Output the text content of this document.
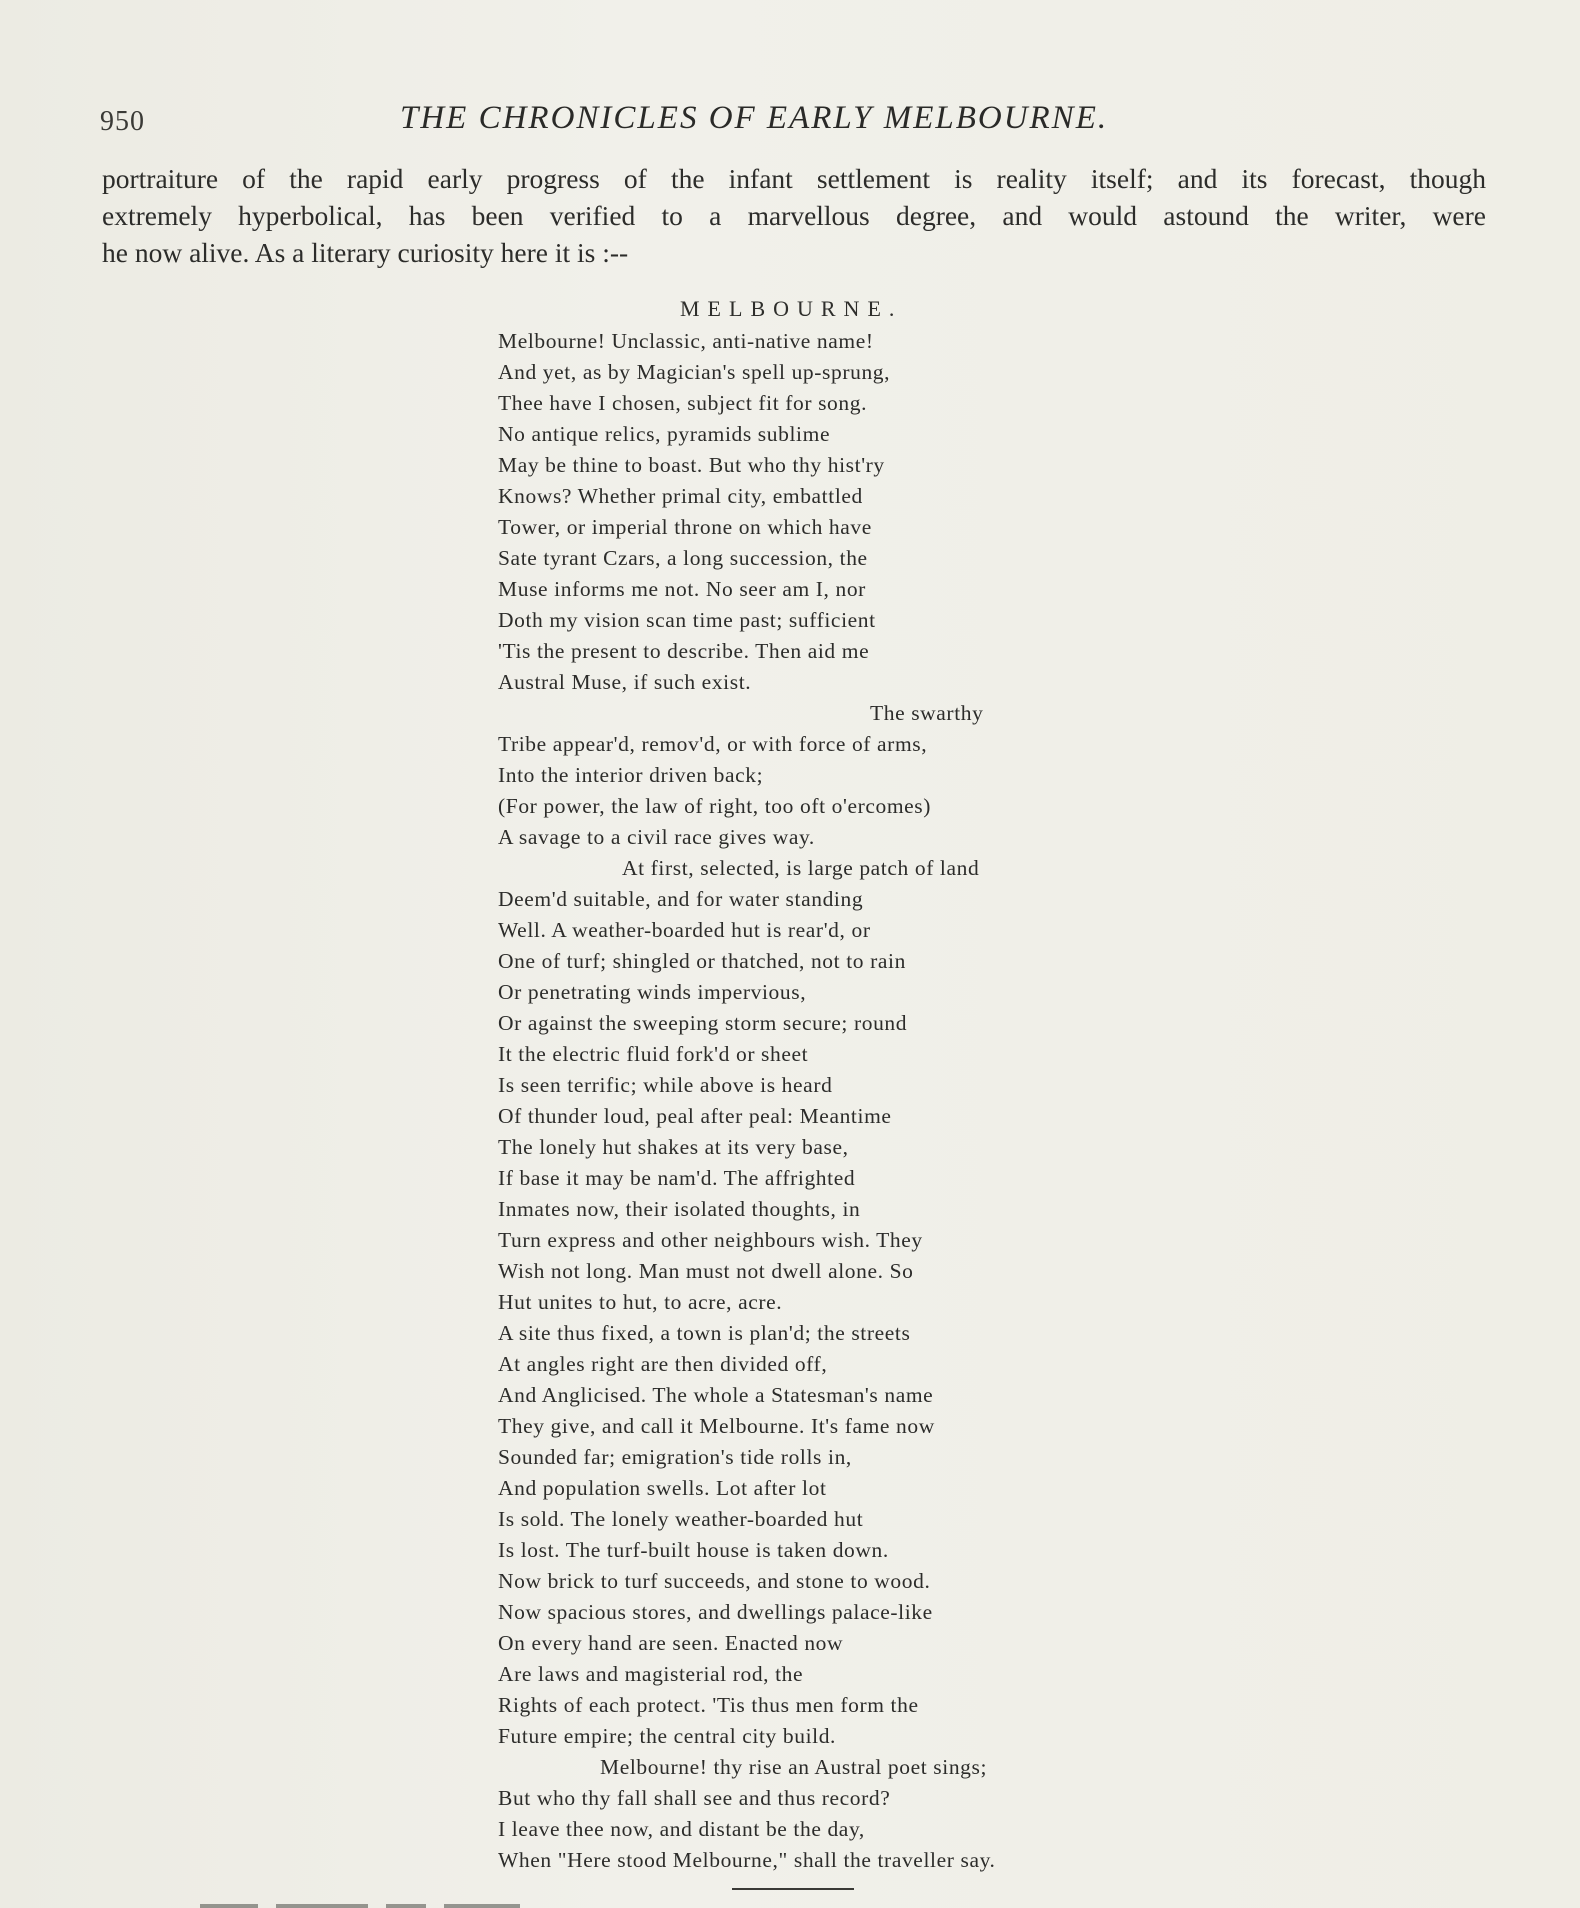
950	THE CHRONICLES OF EARLY MELBOURNE.
portraiture of the rapid early progress of the infant settlement is reality itself; and its forecast, though
extremely hyperbolical, has been verified to a marvellous degree, and would astound the writer, were
he now alive. As a literary curiosity here it is :--
MELBOURNE.
Melbourne! Unclassic, anti-native name!
And yet, as by Magician's spell up-sprung,
Thee have I chosen, subject fit for song.
No antique relics, pyramids sublime
May be thine to boast. But who thy hist'ry
Knows? Whether primal city, embattled
Tower, or imperial throne on which have
Sate tyrant Czars, a long succession, the
Muse informs me not. No seer am I, nor
Doth my vision scan time past; sufficient
'Tis the present to describe. Then aid me
Austral Muse, if such exist.
The swarthy
Tribe appear'd, remov'd, or with force of arms,
Into the interior driven back;
(For power, the law of right, too oft o'ercomes)
A savage to a civil race gives way.
At first, selected, is large patch of land
Deem'd suitable, and for water standing
Well. A weather-boarded hut is rear'd, or
One of turf; shingled or thatched, not to rain
Or penetrating winds impervious,
Or against the sweeping storm secure; round
It the electric fluid fork'd or sheet
Is seen terrific; while above is heard
Of thunder loud, peal after peal: Meantime
The lonely hut shakes at its very base,
If base it may be nam'd. The affrighted
Inmates now, their isolated thoughts, in
Turn express and other neighbours wish. They
Wish not long. Man must not dwell alone. So
Hut unites to hut, to acre, acre.
A site thus fixed, a town is plan'd; the streets
At angles right are then divided off,
And Anglicised. The whole a Statesman's name
They give, and call it Melbourne. It's fame now
Sounded far; emigration's tide rolls in,
And population swells. Lot after lot
Is sold. The lonely weather-boarded hut
Is lost. The turf-built house is taken down.
Now brick to turf succeeds, and stone to wood.
Now spacious stores, and dwellings palace-like
On every hand are seen. Enacted now
Are laws and magisterial rod, the
Rights of each protect. 'Tis thus men form the
Future empire; the central city build.
Melbourne! thy rise an Austral poet sings;
But who thy fall shall see and thus record?
I leave thee now, and distant be the day,
When "Here stood Melbourne," shall the traveller say.
